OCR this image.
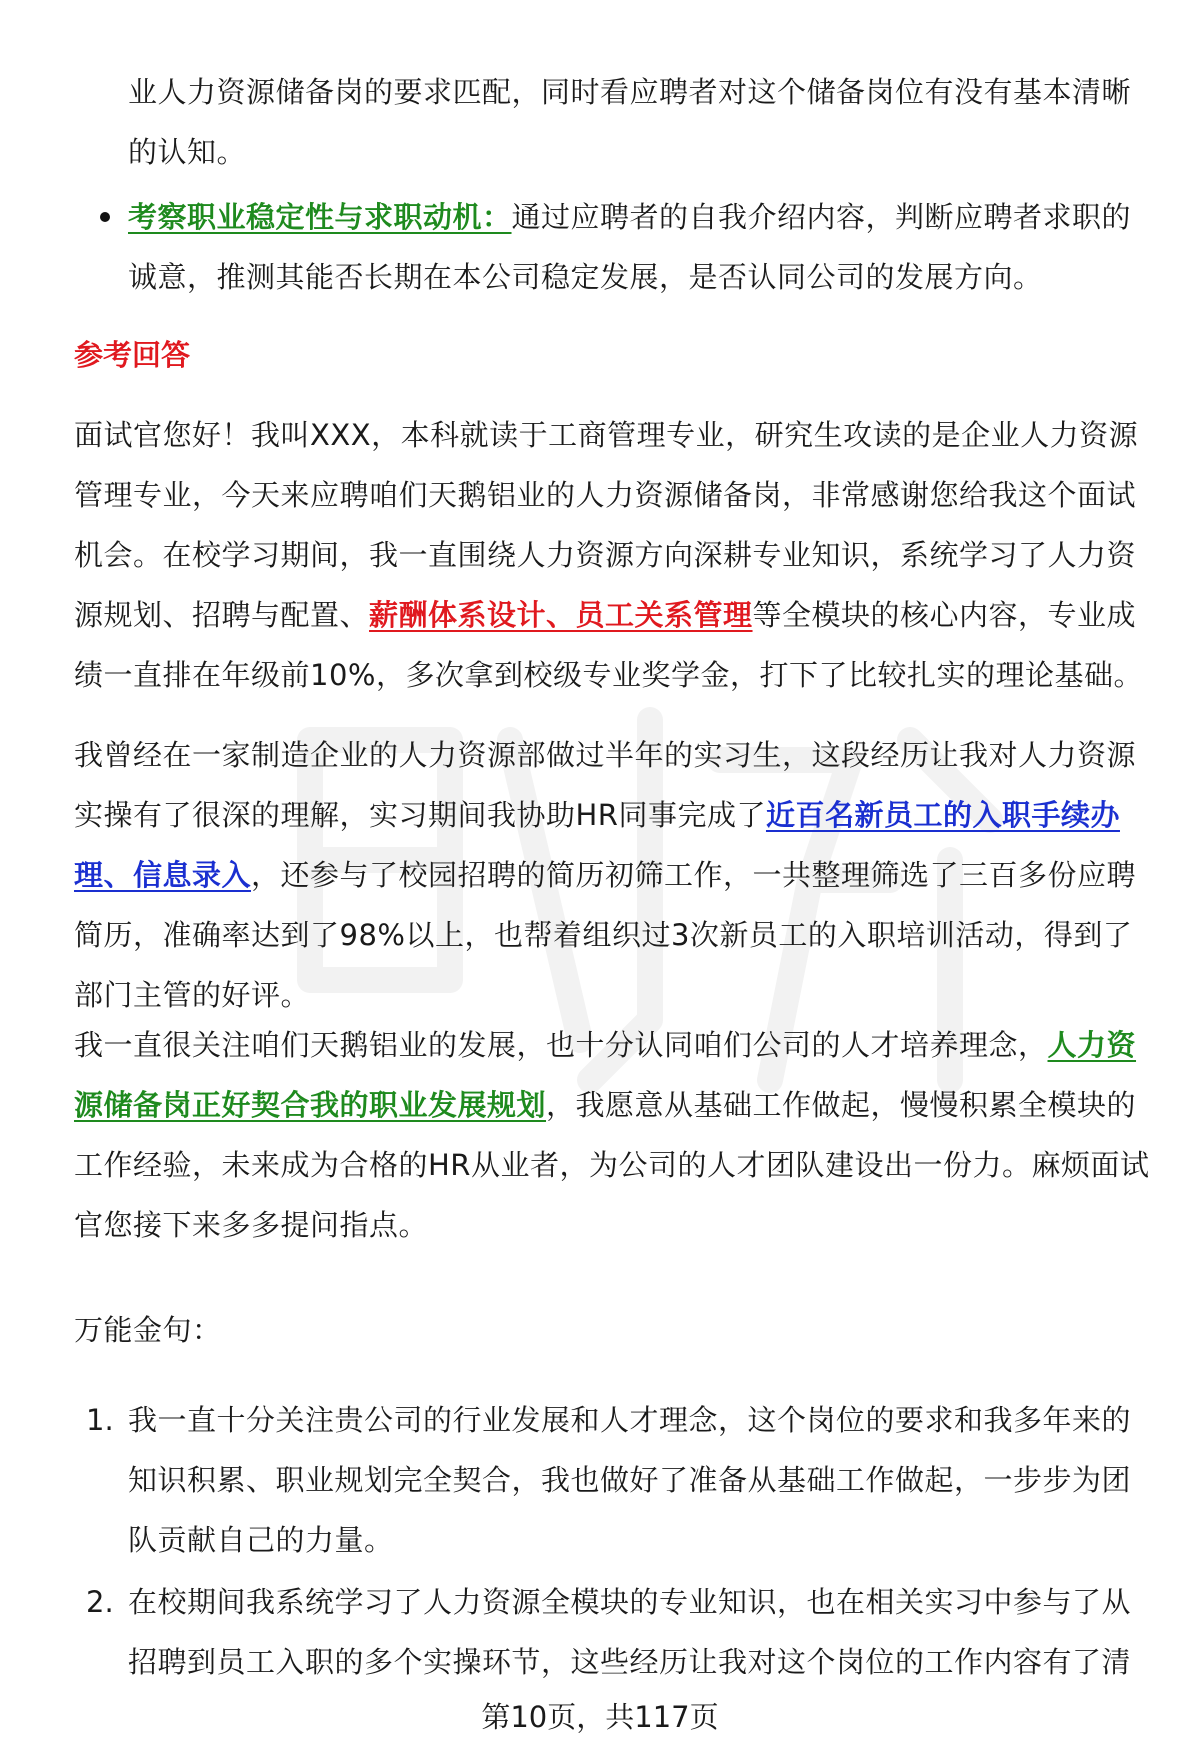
业人力资源储备岗的要求匹配，同时看应聘者对这个储备岗位有没有基本清晰的认知。
考察职业稳定性与求职动机：通过应聘者的自我介绍内容，判断应聘者求职的诚意，推测其能否长期在本公司稳定发展，是否认同公司的发展方向。
参考回答
面试官您好！我叫XXX，本科就读于工商管理专业，研究生攻读的是企业人力资源管理专业，今天来应聘咱们天鹅铝业的人力资源储备岗，非常感谢您给我这个面试机会。在校学习期间，我一直围绕人力资源方向深耕专业知识，系统学习了人力资源规划、招聘与配置、薪酬体系设计、员工关系管理等全模块的核心内容，专业成绩一直排在年级前10%，多次拿到校级专业奖学金，打下了比较扎实的理论基础。
我曾经在一家制造企业的人力资源部做过半年的实习生，这段经历让我对人力资源实操有了很深的理解，实习期间我协助HR同事完成了近百名新员工的入职手续办理、信息录入，还参与了校园招聘的简历初筛工作，一共整理筛选了三百多份应聘简历，准确率达到了98%以上，也帮着组织过3次新员工的入职培训活动，得到了部门主管的好评。
我一直很关注咱们天鹅铝业的发展，也十分认同咱们公司的人才培养理念，人力资源储备岗正好契合我的职业发展规划，我愿意从基础工作做起，慢慢积累全模块的工作经验，未来成为合格的HR从业者，为公司的人才团队建设出一份力。麻烦面试官您接下来多多提问指点。
万能金句：
1. 我一直十分关注贵公司的行业发展和人才理念，这个岗位的要求和我多年来的知识积累、职业规划完全契合，我也做好了准备从基础工作做起，一步步为团队贡献自己的力量。
2. 在校期间我系统学习了人力资源全模块的专业知识，也在相关实习中参与了从招聘到员工入职的多个实操环节，这些经历让我对这个岗位的工作内容有了清
第10页，共117页
